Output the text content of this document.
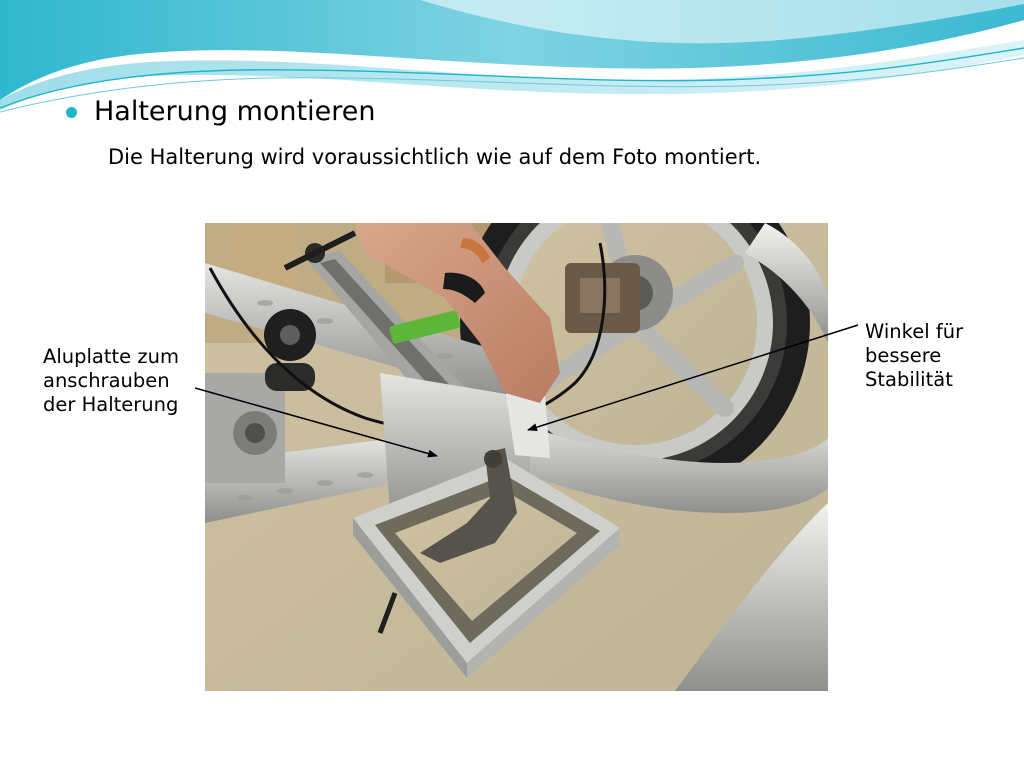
Halterung montieren
Die Halterung wird voraussichtlich wie auf dem Foto montiert.
Aluplatte zum
anschrauben
der Halterung
Winkel für
bessere
Stabilität
